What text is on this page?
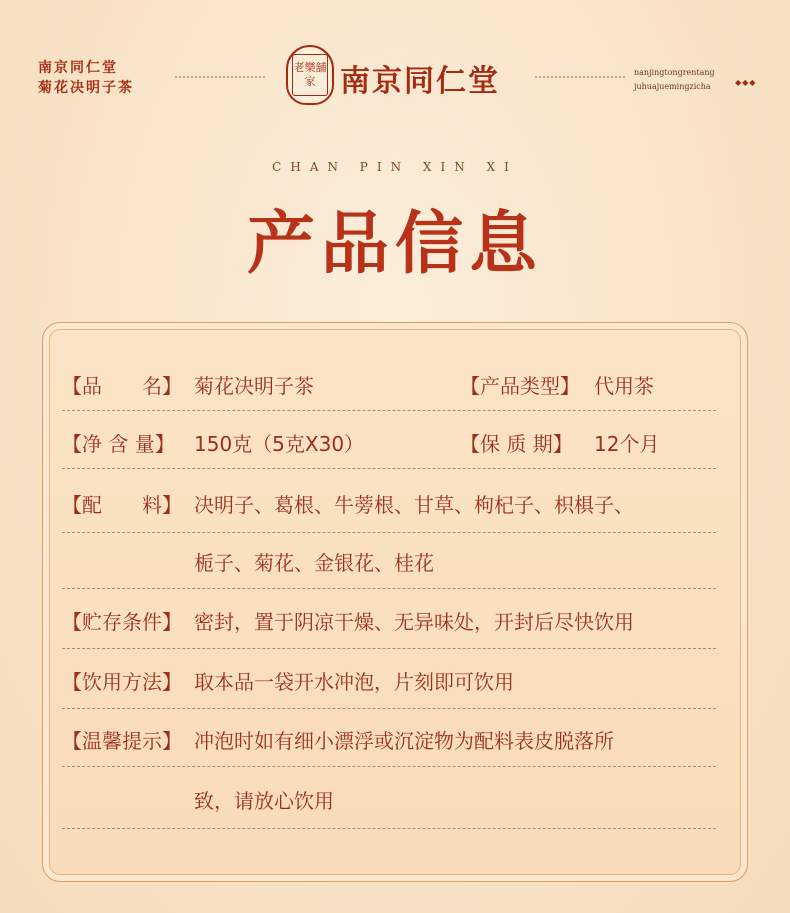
南京同仁堂
菊花决明子茶
老樂舖家 南京同仁堂	nanjingtongrentang
juhuajuemingzicha	◆◆◆
CHAN PIN XIN XI
产品信息
【品　　名】 菊花决明子茶	【产品类型】 代用茶
【净 含 量】 150克（5克X30）	【保 质 期】 12个月
【配　　料】 决明子、葛根、牛蒡根、甘草、枸杞子、枳椇子、
栀子、菊花、金银花、桂花
【贮存条件】 密封，置于阴凉干燥、无异味处，开封后尽快饮用
【饮用方法】 取本品一袋开水冲泡，片刻即可饮用
【温馨提示】 冲泡时如有细小漂浮或沉淀物为配料表皮脱落所
致，请放心饮用
